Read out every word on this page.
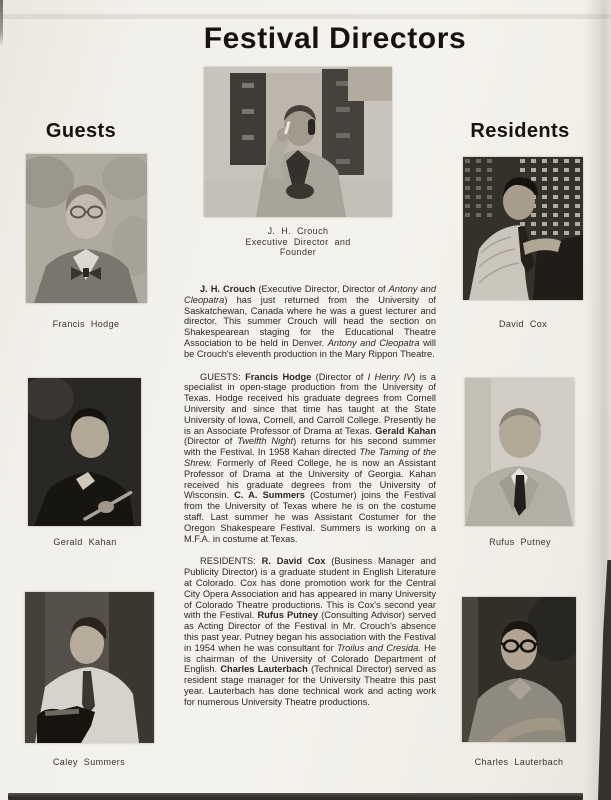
Festival Directors
Guests	Residents
J. H. Crouch
Executive Director and
Founder
Francis Hodge
Gerald Kahan
Caley Summers
David Cox
Rufus Putney
Charles Lauterbach

J. H. Crouch (Executive Director, Director of Antony and Cleopatra) has just returned from the University of Saskatchewan, Canada where he was a guest lecturer and director. This summer Crouch will head the section on Shakespearean staging for the Educational Theatre Association to be held in Denver. Antony and Cleopatra will be Crouch's eleventh production in the Mary Rippon Theatre.

GUESTS: Francis Hodge (Director of I Henry IV) is a specialist in open-stage production from the University of Texas. Hodge received his graduate degrees from Cornell University and since that time has taught at the State University of Iowa, Cornell, and Carroll College. Presently he is an Associate Professor of Drama at Texas. Gerald Kahan (Director of Twelfth Night) returns for his second summer with the Festival. In 1958 Kahan directed The Taming of the Shrew. Formerly of Reed College, he is now an Assistant Professor of Drama at the University of Georgia. Kahan received his graduate degrees from the University of Wisconsin. C. A. Summers (Costumer) joins the Festival from the University of Texas where he is on the costume staff. Last summer he was Assistant Costumer for the Oregon Shakespeare Festival. Summers is working on a M.F.A. in costume at Texas.

RESIDENTS: R. David Cox (Business Manager and Publicity Director) is a graduate student in English Literature at Colorado. Cox has done promotion work for the Central City Opera Association and has appeared in many University of Colorado Theatre productions. This is Cox's second year with the Festival. Rufus Putney (Consulting Advisor) served as Acting Director of the Festival in Mr. Crouch's absence this past year. Putney began his association with the Festival in 1954 when he was consultant for Troilus and Cresida. He is chairman of the University of Colorado Department of English. Charles Lauterbach (Technical Director) served as resident stage manager for the University Theatre this past year. Lauterbach has done technical work and acting work for numerous University Theatre productions.
